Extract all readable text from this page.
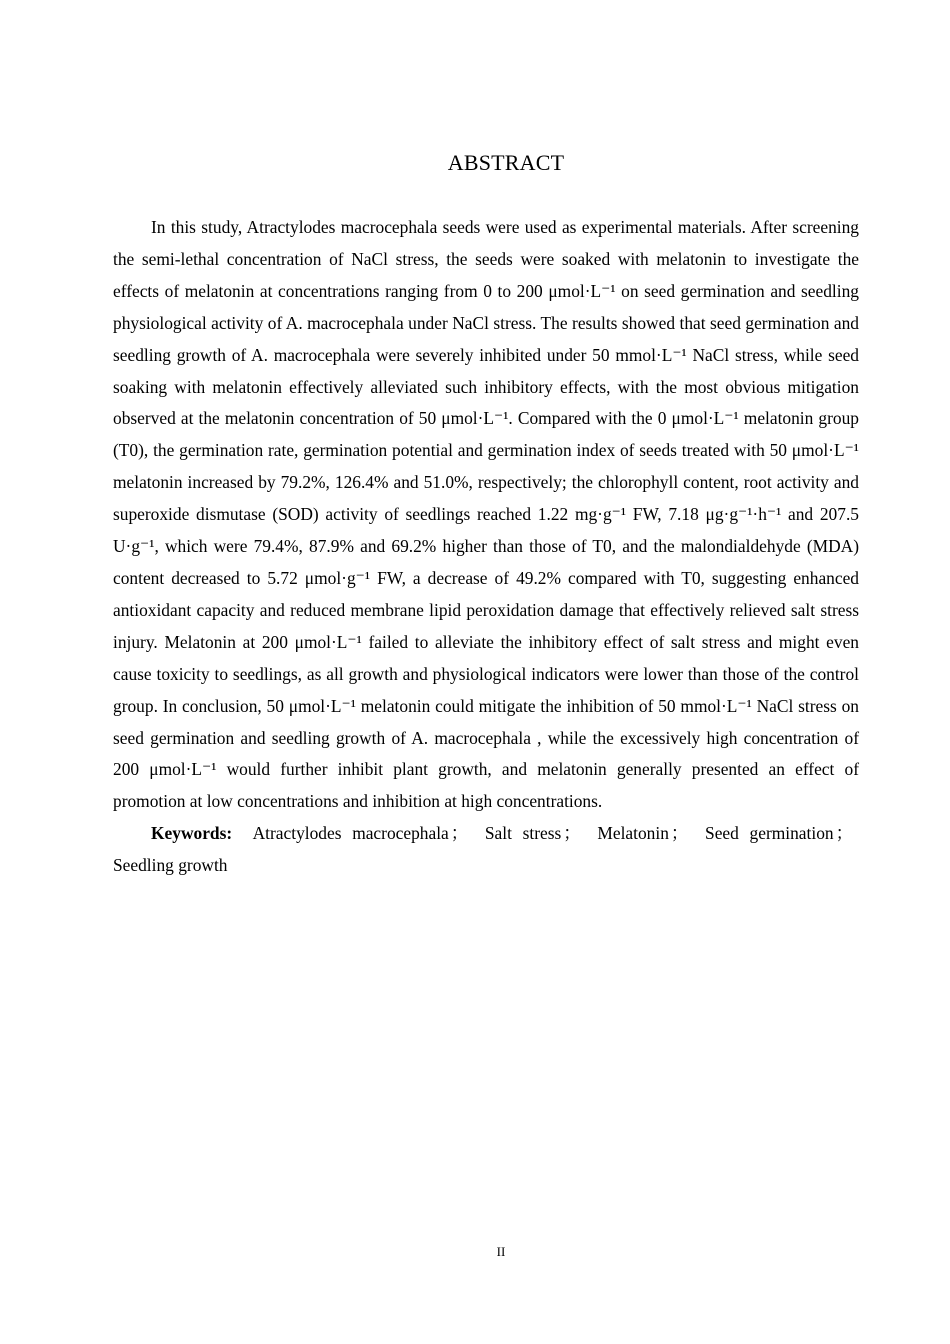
ABSTRACT

In this study, Atractylodes macrocephala seeds were used as experimental materials. After screening the semi-lethal concentration of NaCl stress, the seeds were soaked with melatonin to investigate the effects of melatonin at concentrations ranging from 0 to 200 μmol·L⁻¹ on seed germination and seedling physiological activity of A. macrocephala under NaCl stress. The results showed that seed germination and seedling growth of A. macrocephala were severely inhibited under 50 mmol·L⁻¹ NaCl stress, while seed soaking with melatonin effectively alleviated such inhibitory effects, with the most obvious mitigation observed at the melatonin concentration of 50 μmol·L⁻¹. Compared with the 0 μmol·L⁻¹ melatonin group (T0), the germination rate, germination potential and germination index of seeds treated with 50 μmol·L⁻¹ melatonin increased by 79.2%, 126.4% and 51.0%, respectively; the chlorophyll content, root activity and superoxide dismutase (SOD) activity of seedlings reached 1.22 mg·g⁻¹ FW, 7.18 μg·g⁻¹·h⁻¹ and 207.5 U·g⁻¹, which were 79.4%, 87.9% and 69.2% higher than those of T0, and the malondialdehyde (MDA) content decreased to 5.72 μmol·g⁻¹ FW, a decrease of 49.2% compared with T0, suggesting enhanced antioxidant capacity and reduced membrane lipid peroxidation damage that effectively relieved salt stress injury. Melatonin at 200 μmol·L⁻¹ failed to alleviate the inhibitory effect of salt stress and might even cause toxicity to seedlings, as all growth and physiological indicators were lower than those of the control group. In conclusion, 50 μmol·L⁻¹ melatonin could mitigate the inhibition of 50 mmol·L⁻¹ NaCl stress on seed germination and seedling growth of A. macrocephala , while the excessively high concentration of 200 μmol·L⁻¹ would further inhibit plant growth, and melatonin generally presented an effect of promotion at low concentrations and inhibition at high concentrations.

Keywords: Atractylodes macrocephala ； Salt stress ； Melatonin ； Seed germination ； Seedling growth

II
